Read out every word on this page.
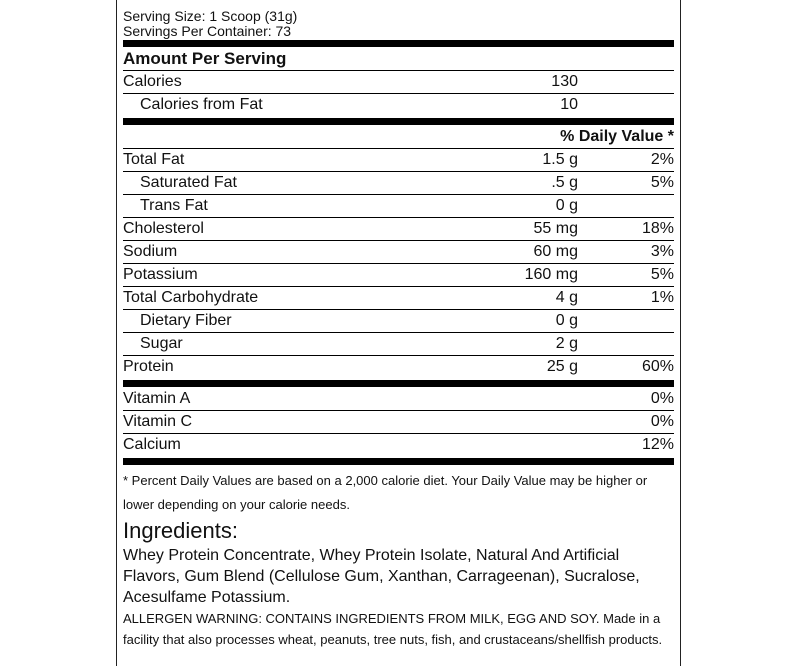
Serving Size: 1 Scoop (31g)
Servings Per Container: 73
Amount Per Serving
Calories	130
Calories from Fat	10
% Daily Value *
Total Fat	1.5 g	2%
Saturated Fat	.5 g	5%
Trans Fat	0 g
Cholesterol	55 mg	18%
Sodium	60 mg	3%
Potassium	160 mg	5%
Total Carbohydrate	4 g	1%
Dietary Fiber	0 g
Sugar	2 g
Protein	25 g	60%
Vitamin A	0%
Vitamin C	0%
Calcium	12%
* Percent Daily Values are based on a 2,000 calorie diet. Your Daily Value may be higher or lower depending on your calorie needs.
Ingredients:
Whey Protein Concentrate, Whey Protein Isolate, Natural And Artificial Flavors, Gum Blend (Cellulose Gum, Xanthan, Carrageenan), Sucralose, Acesulfame Potassium.
ALLERGEN WARNING: CONTAINS INGREDIENTS FROM MILK, EGG AND SOY. Made in a facility that also processes wheat, peanuts, tree nuts, fish, and crustaceans/shellfish products.
